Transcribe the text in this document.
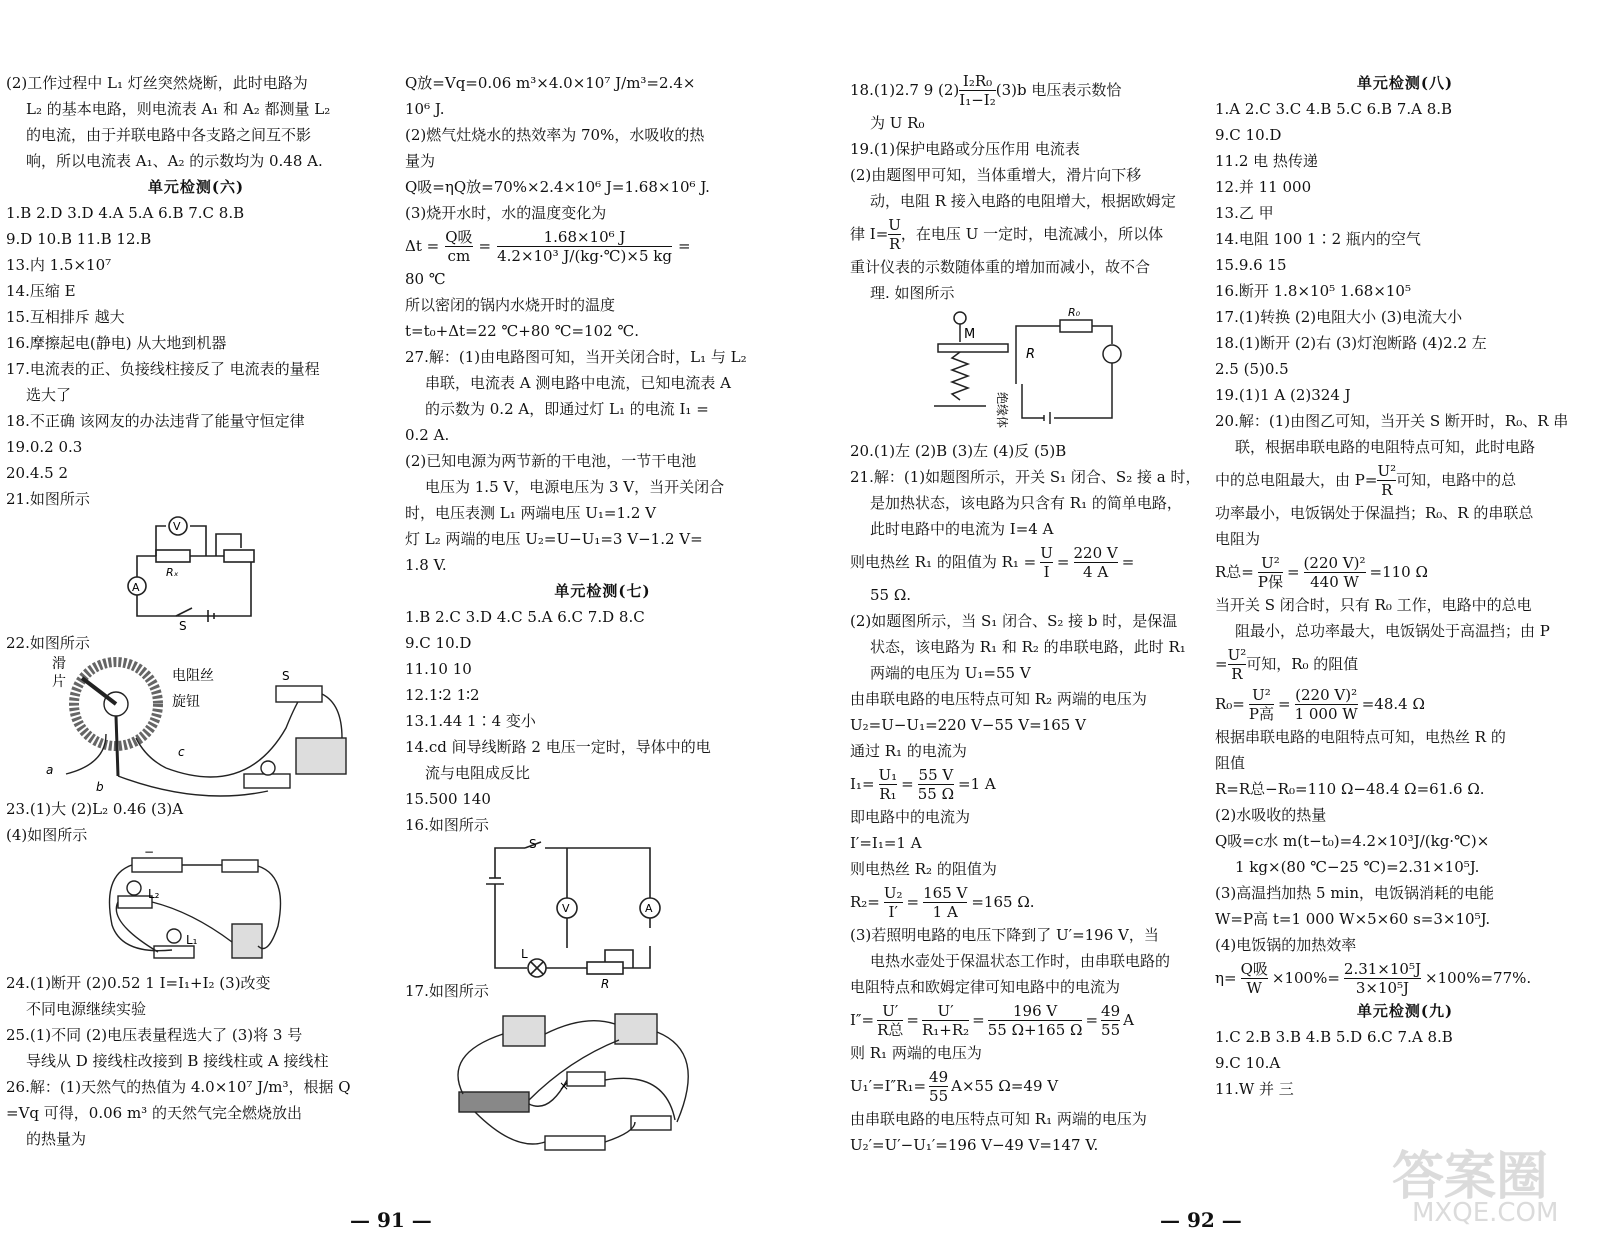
(2)工作过程中 L₁ 灯丝突然烧断，此时电路为
L₂ 的基本电路，则电流表 A₁ 和 A₂ 都测量 L₂
的电流，由于并联电路中各支路之间互不影
响，所以电流表 A₁、A₂ 的示数均为 0.48 A.
单元检测(六)
1.B 2.D 3.D 4.A 5.A 6.B 7.C 8.B
9.D 10.B 11.B 12.B
13.内 1.5×10⁷
14.压缩 E
15.互相排斥 越大
16.摩擦起电(静电) 从大地到机器
17.电流表的正、负接线柱接反了 电流表的量程
选大了
18.不正确 该网友的办法违背了能量守恒定律
19.0.2 0.3
20.4.5 2
21.如图所示
A
V
Rₓ
S
22.如图所示
滑
片	电阻丝
旋钮
a
b
c
S
23.(1)大 (2)L₂ 0.46 (3)A
(4)如图所示
−
L₂
L₁
24.(1)断开 (2)0.52 1 I=I₁+I₂ (3)改变
不同电源继续实验
25.(1)不同 (2)电压表量程选大了 (3)将 3 号
导线从 D 接线柱改接到 B 接线柱或 A 接线柱
26.解：(1)天然气的热值为 4.0×10⁷ J/m³，根据 Q
=Vq 可得，0.06 m³ 的天然气完全燃烧放出
的热量为
Q放=Vq=0.06 m³×4.0×10⁷ J/m³=2.4×
10⁶ J.
(2)燃气灶烧水的热效率为 70%，水吸收的热
量为
Q吸=ηQ放=70%×2.4×10⁶ J=1.68×10⁶ J.
(3)烧开水时，水的温度变化为
Δt =
Q吸
cm
= $\frac{\text{1.68×10⁶ J}}{\text{4.2×10³ J/(kg·℃)×5 kg}}$ =
80 ℃
所以密闭的锅内水烧开时的温度
t=t₀+Δt=22 ℃+80 ℃=102 ℃.
27.解：(1)由电路图可知，当开关闭合时，L₁ 与 L₂
串联，电流表 A 测电路中电流，已知电流表 A
的示数为 0.2 A，即通过灯 L₁ 的电流 I₁ =
0.2 A.
(2)已知电源为两节新的干电池，一节干电池
电压为 1.5 V，电源电压为 3 V，当开关闭合
时，电压表测 L₁ 两端电压 U₁=1.2 V
灯 L₂ 两端的电压 U₂=U−U₁=3 V−1.2 V=
1.8 V.
单元检测(七)
1.B 2.C 3.D 4.C 5.A 6.C 7.D 8.C
9.C 10.D
11.10 10
12.1∶2 1∶2
13.1.44 1∶4 变小
14.cd 间导线断路 2 电压一定时，导体中的电
流与电阻成反比
15.500 140
16.如图所示
V	A
S
L
R
17.如图所示
×
18.(1)2.7 9 $(2) \frac{\text{I₂R₀}}{\text{I₁−I₂}} (3)b$ 电压表示数恰
为 U R₀
19.(1)保护电路或分压作用 电流表
(2)由题图甲可知，当体重增大，滑片向下移
动，电阻 R 接入电路的电阻增大，根据欧姆定
律 $I= \frac{U}{R}$ ，在电压 U 一定时，电流减小，所以体
重计仪表的示数随体重的增加而减小，故不合
理. 如图所示
M
R₀
R
绝缘体
20.(1)左 (2)B (3)左 (4)反 (5)B
21.解：(1)如题图所示，开关 S₁ 闭合、S₂ 接 a 时，
是加热状态，该电路为只含有 R₁ 的简单电路，
此时电路中的电流为 I=4 A
则电热丝 R₁ 的阻值为 $R_1 = \frac{U}{I} = \frac{220 V}{4 A}$ =
55 Ω.
(2)如题图所示，当 S₁ 闭合、S₂ 接 b 时，是保温
状态，该电路为 R₁ 和 R₂ 的串联电路，此时 R₁
两端的电压为 U₁=55 V
由串联电路的电压特点可知 R₂ 两端的电压为
U₂=U−U₁=220 V−55 V=165 V
通过 R₁ 的电流为
$I_1= \frac{\text{U₁}}{\text{R₁}} = \frac{55 V}{55 \Omega} =1$ A
即电路中的电流为
I′=I₁=1 A
则电热丝 R₂ 的阻值为
$R_2= \frac{\text{U₂}}{I'} = \frac{165 V}{1 A} =165$ Ω.
(3)若照明电路的电压下降到了 U′=196 V，当
电热水壶处于保温状态工作时，由串联电路的
电阻特点和欧姆定律可知电路中的电流为
I″=
U′
R总
= $\frac{U'}{\text{R₁+R₂}} = \frac{196 V}{55 \Omega+165 \Omega} = \frac{49}{55}$ A
则 R₁ 两端的电压为
$U_1'=I''R_1= \frac{49}{55} A\times 55$ Ω=49 V
由串联电路的电压特点可知 R₁ 两端的电压为
U₂′=U′−U₁′=196 V−49 V=147 V.
单元检测(八)
1.A 2.C 3.C 4.B 5.C 6.B 7.A 8.B
9.C 10.D
11.2 电 热传递
12.并 11 000
13.乙 甲
14.电阻 100 1∶2 瓶内的空气
15.9.6 15
16.断开 1.8×10⁵ 1.68×10⁵
17.(1)转换 (2)电阻大小 (3)电流大小
18.(1)断开 (2)右 (3)灯泡断路 (4)2.2 左
2.5 (5)0.5
19.(1)1 A (2)324 J
20.解：(1)由图乙可知，当开关 S 断开时，R₀、R 串
联，根据串联电路的电阻特点可知，此时电路
中的总电阻最大，由 $P= \frac{\text{U²}}{R}$ 可知，电路中的总
功率最小，电饭锅处于保温挡；R₀、R 的串联总
电阻为
R总=
U²
P保
= $\frac{\text{(220 V)²}}{440 W} =110$ Ω
当开关 S 闭合时，只有 R₀ 工作，电路中的总电
阻最小，总功率最大，电饭锅处于高温挡；由 P
= $\frac{\text{U²}}{R}$ 可知，R₀ 的阻值
R₀=
U²
P高
= $\frac{\text{(220 V)²}}{1 000 W} =48.4$ Ω
根据串联电路的电阻特点可知，电热丝 R 的
阻值
R=R总−R₀=110 Ω−48.4 Ω=61.6 Ω.
(2)水吸收的热量
Q吸=c水 m(t−t₀)=4.2×10³J/(kg·℃)×
1 kg×(80 ℃−25 ℃)=2.31×10⁵J.
(3)高温挡加热 5 min，电饭锅消耗的电能
W=P高 t=1 000 W×5×60 s=3×10⁵J.
(4)电饭锅的加热效率
η=
Q吸
W
$\times 100\%= \frac{\text{2.31×10⁵J}}{\text{3×10⁵J}} \times 100\%=77\%$.
单元检测(九)
1.C 2.B 3.B 4.B 5.D 6.C 7.A 8.B
9.C 10.A
11.W 并 三
— 91 —	— 92 —
答案圈
MXQE.COM
